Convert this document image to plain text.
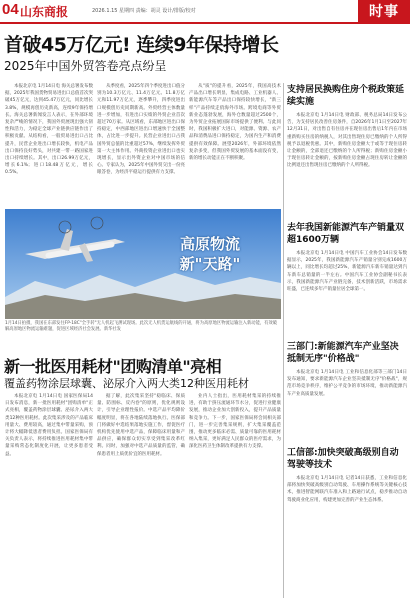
04 山东商报	2026.1.15 星期四 责编：胡灵 设计/排版/校对	时事
首破45万亿元! 连续9年保持增长
2025年中国外贸答卷亮点纷呈

本报北京电 1月14日电 海关总署发布数据，2025年我国货物贸易进出口总值首次突破45万亿元，达到45.47万亿元，同比增长3.8%，规模再创历史新高，连续9年保持增长。海关总署新闻发言人表示，在外部环境复杂严峻的情况下，我国外贸展现出强大韧性和活力，为稳定全球产业链供应链作出了积极贡献。从结构看，一般贸易进出口占比提升，民营企业进出口增长较快，机电产品出口保持良好势头，对共建一带一路国家进出口持续增长。其中，出口26.99万亿元，增长6.1%；进口18.48万亿元，增长0.5%。

从季度看，2025年四个季度进出口值分别为10.3万亿元、11.4万亿元、11.8万亿元和11.97万亿元，逐季攀升，四季度进出口规模创历史同期新高。外贸经营主体数量进一步增加，有进出口实绩的外贸企业首次超过70万家。从区域看，东部地区进出口保持稳定，中西部地区进出口增速快于全国整体，占比进一步提升。民营企业进出口占我国外贸总值的比重超过57%，继续发挥外贸第一大主体作用。外商投资企业进出口也实现增长，显示出外资企业对中国市场的信心。专家认为，2025年中国外贸交出一份亮眼答卷，为经济平稳运行提供有力支撑。

从"质"的提升看，2025年，我国高技术产品出口增长明显，集成电路、工业机器人、新能源汽车等产品出口保持较快增长，"新三样"产品持续走俏海外市场。跨境电商等外贸新业态蓬勃发展，海外仓数量超过2500个，为外贸企业拓展国际市场提供了便利。与此同时，我国积极扩大进口，对能源、资源、农产品和消费品进口保持稳定，为国内生产和消费提供有效保障。展望2026年，外部环境依然复杂多变，但我国外贸发展的基本面没有变，新的增长动能正在不断积聚。

高原物流
新"天路"
1月14日拍摄，我国在东部发往FP-18C"全手转"无人机起飞测试现场。此次无人机货运航线的开通，将为高原地区物流运输注入新动能，有效破解高原地区物流运输难题，促进区域经济社会发展。新华社发
新一批医用耗材"团购清单"亮相
覆盖药物涂层球囊、泌尿介入两大类12种医用耗材

本报北京电 1月14日电 国家医保局14日发布消息，新一批医用耗材"团购清单"正式亮相，覆盖药物涂层球囊、泌尿介入两大类12种医用耗材。此次集采涉及的产品临床用量大、费用较高，通过集中带量采购，预计将大幅降低患者费用负担。国家医保局有关负责人表示，将持续推进医用耗材集中带量采购常态化制度化开展，让更多患者受益。

据了解，此次集采坚持"稳临床、保质量、防围标、反内卷"的原则，优化规则设计，引导企业理性报价。中选产品平均降价幅度明显，将在各地陆续落地执行。医保部门将做好中选结果落地实施工作，督促医疗机构优先使用中选产品，保障临床用量和产品供应，确保群众切实享受到集采改革红利。同时，加强对中选产品质量的监管，确保患者用上质优价宜的医用耗材。

业内人士指出，医用耗材集采的持续推进，有助于挤压流通环节水分，促进行业健康发展，推动企业加大创新投入，提升产品质量和竞争力。下一步，国家医保局将会同相关部门，进一步完善集采规则，扩大集采覆盖范围，推动更多临床必需、质量可靠的医用耗材纳入集采，更好满足人民群众的医疗需求，为深化医药卫生体制改革提供有力支撑。

支持居民换购住房个税政策延续实施

本报北京电 1月14日电 财政部、税务总局14日发布公告，为支持居民改善住房条件，自2026年1月1日至2027年12月31日，对出售自有住房并在现住房出售后1年内在市场重新购买住房的纳税人，对其出售现住房已缴纳的个人所得税予以退税优惠。其中，新购住房金额大于或等于现住房转让金额的，全部退还已缴纳的个人所得税；新购住房金额小于现住房转让金额的，按新购住房金额占现住房转让金额的比例退还出售现住房已缴纳的个人所得税。

去年我国新能源汽车产销量双超1600万辆

本报北京电 1月14日电 中国汽车工业协会14日发布数据显示，2025年，我国新能源汽车产销量分别完成1600万辆以上，同比增长均超过25%，新能源汽车新车销量达到汽车新车总销量的一半左右。中国汽车工业协会副秘书长表示，我国新能源汽车产业链完备，技术创新活跃，市场需求旺盛，已连续多年产销量位居全球第一。

三部门:新能源汽车产业坚决抵制无序"价格战"

本报北京电 1月14日电 工业和信息化部等三部门14日发布通知，要求新能源汽车企业坚决抵制无序"价格战"，规范市场竞争秩序，维护公平竞争的市场环境，推动新能源汽车产业高质量发展。

工信部:加快突破高级别自动驾驶等技术

本报北京电 1月14日电 记者14日获悉，工业和信息化部将加快突破高级别自动驾驶、车用操作系统等关键核心技术，推进智能网联汽车准入和上路通行试点，稳步推动自动驾驶商业化应用，构建更加完善的产业生态体系。
